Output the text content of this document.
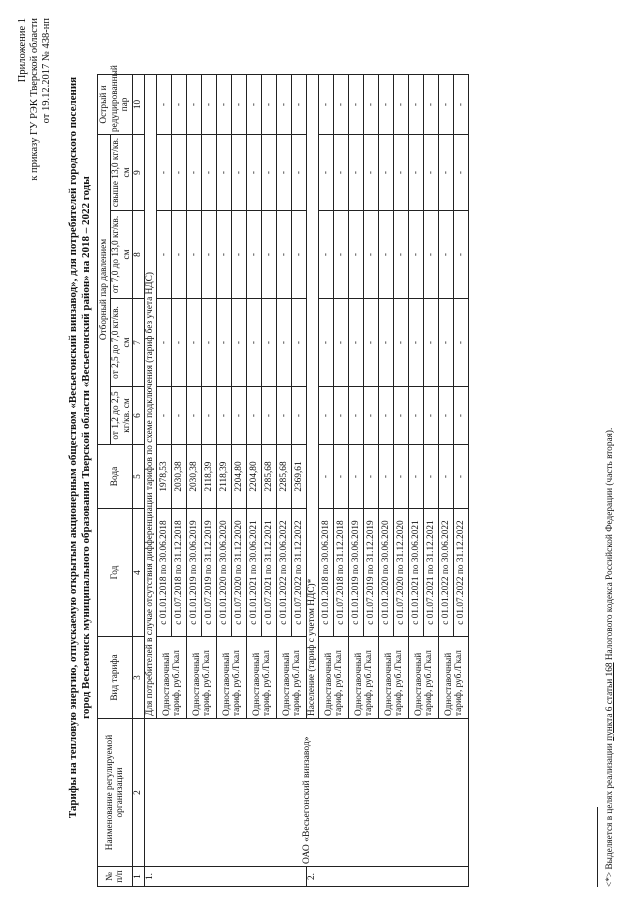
Приложение 1 к приказу ГУ РЭК Тверской области от 19.12.2017 № 438-нп
Тарифы на тепловую энергию, отпускаемую открытым акционерным обществом «Весьегонский винзавод», для потребителей городского поселения город Весьегонск муниципального образования Тверской области «Весьегонский район» на 2018 – 2022 годы
№ п/п	Наименование регулируемой организации	Вид тарифа	Год	Вода	Отборный пар давлением				Острый и редуцированный пар
					от 1,2 до 2,5 кг/кв. см	от 2,5 до 7,0 кг/кв. см	от 7,0 до 13,0 кг/кв. см	свыше 13,0 кг/кв. см	
1	2	3	4	5	6	7	8	9	10
1.	ОАО «Весьегонский винзавод»	Для потребителей в случае отсутствия дифференциации тарифов по схеме подключения (тариф без учета НДС)							
		Одноставочный тариф, руб./Гкал	с 01.01.2018 по 30.06.2018	1978,53	-	-	-	-	-
			с 01.07.2018 по 31.12.2018	2030,38	-	-	-	-	-
		Одноставочный тариф, руб./Гкал	с 01.01.2019 по 30.06.2019	2030,38	-	-	-	-	-
			с 01.07.2019 по 31.12.2019	2118,39	-	-	-	-	-
		Одноставочный тариф, руб./Гкал	с 01.01.2020 по 30.06.2020	2118,39	-	-	-	-	-
			с 01.07.2020 по 31.12.2020	2204,80	-	-	-	-	-
		Одноставочный тариф, руб./Гкал	с 01.01.2021 по 30.06.2021	2204,80	-	-	-	-	-
			с 01.07.2021 по 31.12.2021	2285,68	-	-	-	-	-
		Одноставочный тариф, руб./Гкал	с 01.01.2022 по 30.06.2022	2285,68	-	-	-	-	-
			с 01.07.2022 по 31.12.2022	2369,61	-	-	-	-	-
2.		Население (тариф с учетом НДС)*							
		Одноставочный тариф, руб./Гкал	с 01.01.2018 по 30.06.2018	-	-	-	-	-	-
			с 01.07.2018 по 31.12.2018	-	-	-	-	-	-
		Одноставочный тариф, руб./Гкал	с 01.01.2019 по 30.06.2019	-	-	-	-	-	-
			с 01.07.2019 по 31.12.2019	-	-	-	-	-	-
		Одноставочный тариф, руб./Гкал	с 01.01.2020 по 30.06.2020	-	-	-	-	-	-
			с 01.07.2020 по 31.12.2020	-	-	-	-	-	-
		Одноставочный тариф, руб./Гкал	с 01.01.2021 по 30.06.2021	-	-	-	-	-	-
			с 01.07.2021 по 31.12.2021	-	-	-	-	-	-
		Одноставочный тариф, руб./Гкал	с 01.01.2022 по 30.06.2022	-	-	-	-	-	-
			с 01.07.2022 по 31.12.2022	-	-	-	-	-	-
<*> Выделяется в целях реализации пункта 6 статьи 168 Налогового кодекса Российской Федерации (часть вторая).
